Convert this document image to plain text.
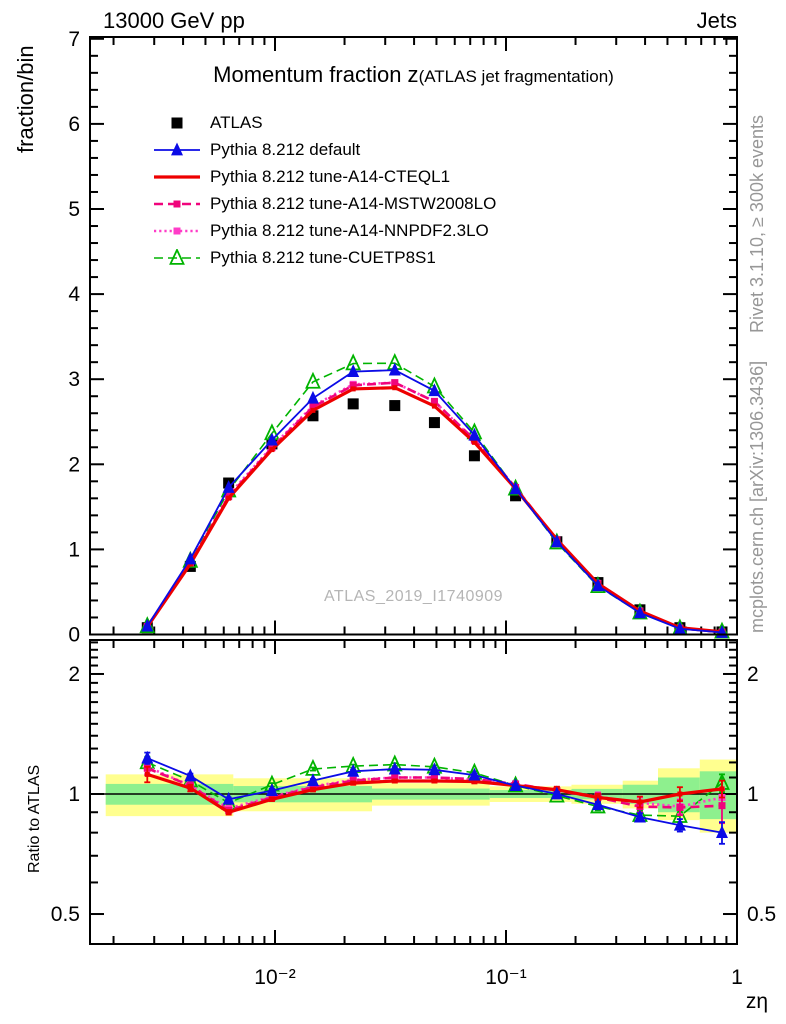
10⁻²	10⁻¹	1
0
1
2
3
4
5
6
7
2	2
1	1
0.5	0.5
13000 GeV pp	Jets
Momentum fraction z(ATLAS jet fragmentation)
ATLAS
Pythia 8.212 default
Pythia 8.212 tune-A14-CTEQL1
Pythia 8.212 tune-A14-MSTW2008LO
Pythia 8.212 tune-A14-NNPDF2.3LO
Pythia 8.212 tune-CUETP8S1
fraction/bin
Ratio to ATLAS
zη
Rivet 3.1.10, ≥ 300k events
mcplots.cern.ch [arXiv:1306.3436]
ATLAS_2019_I1740909
